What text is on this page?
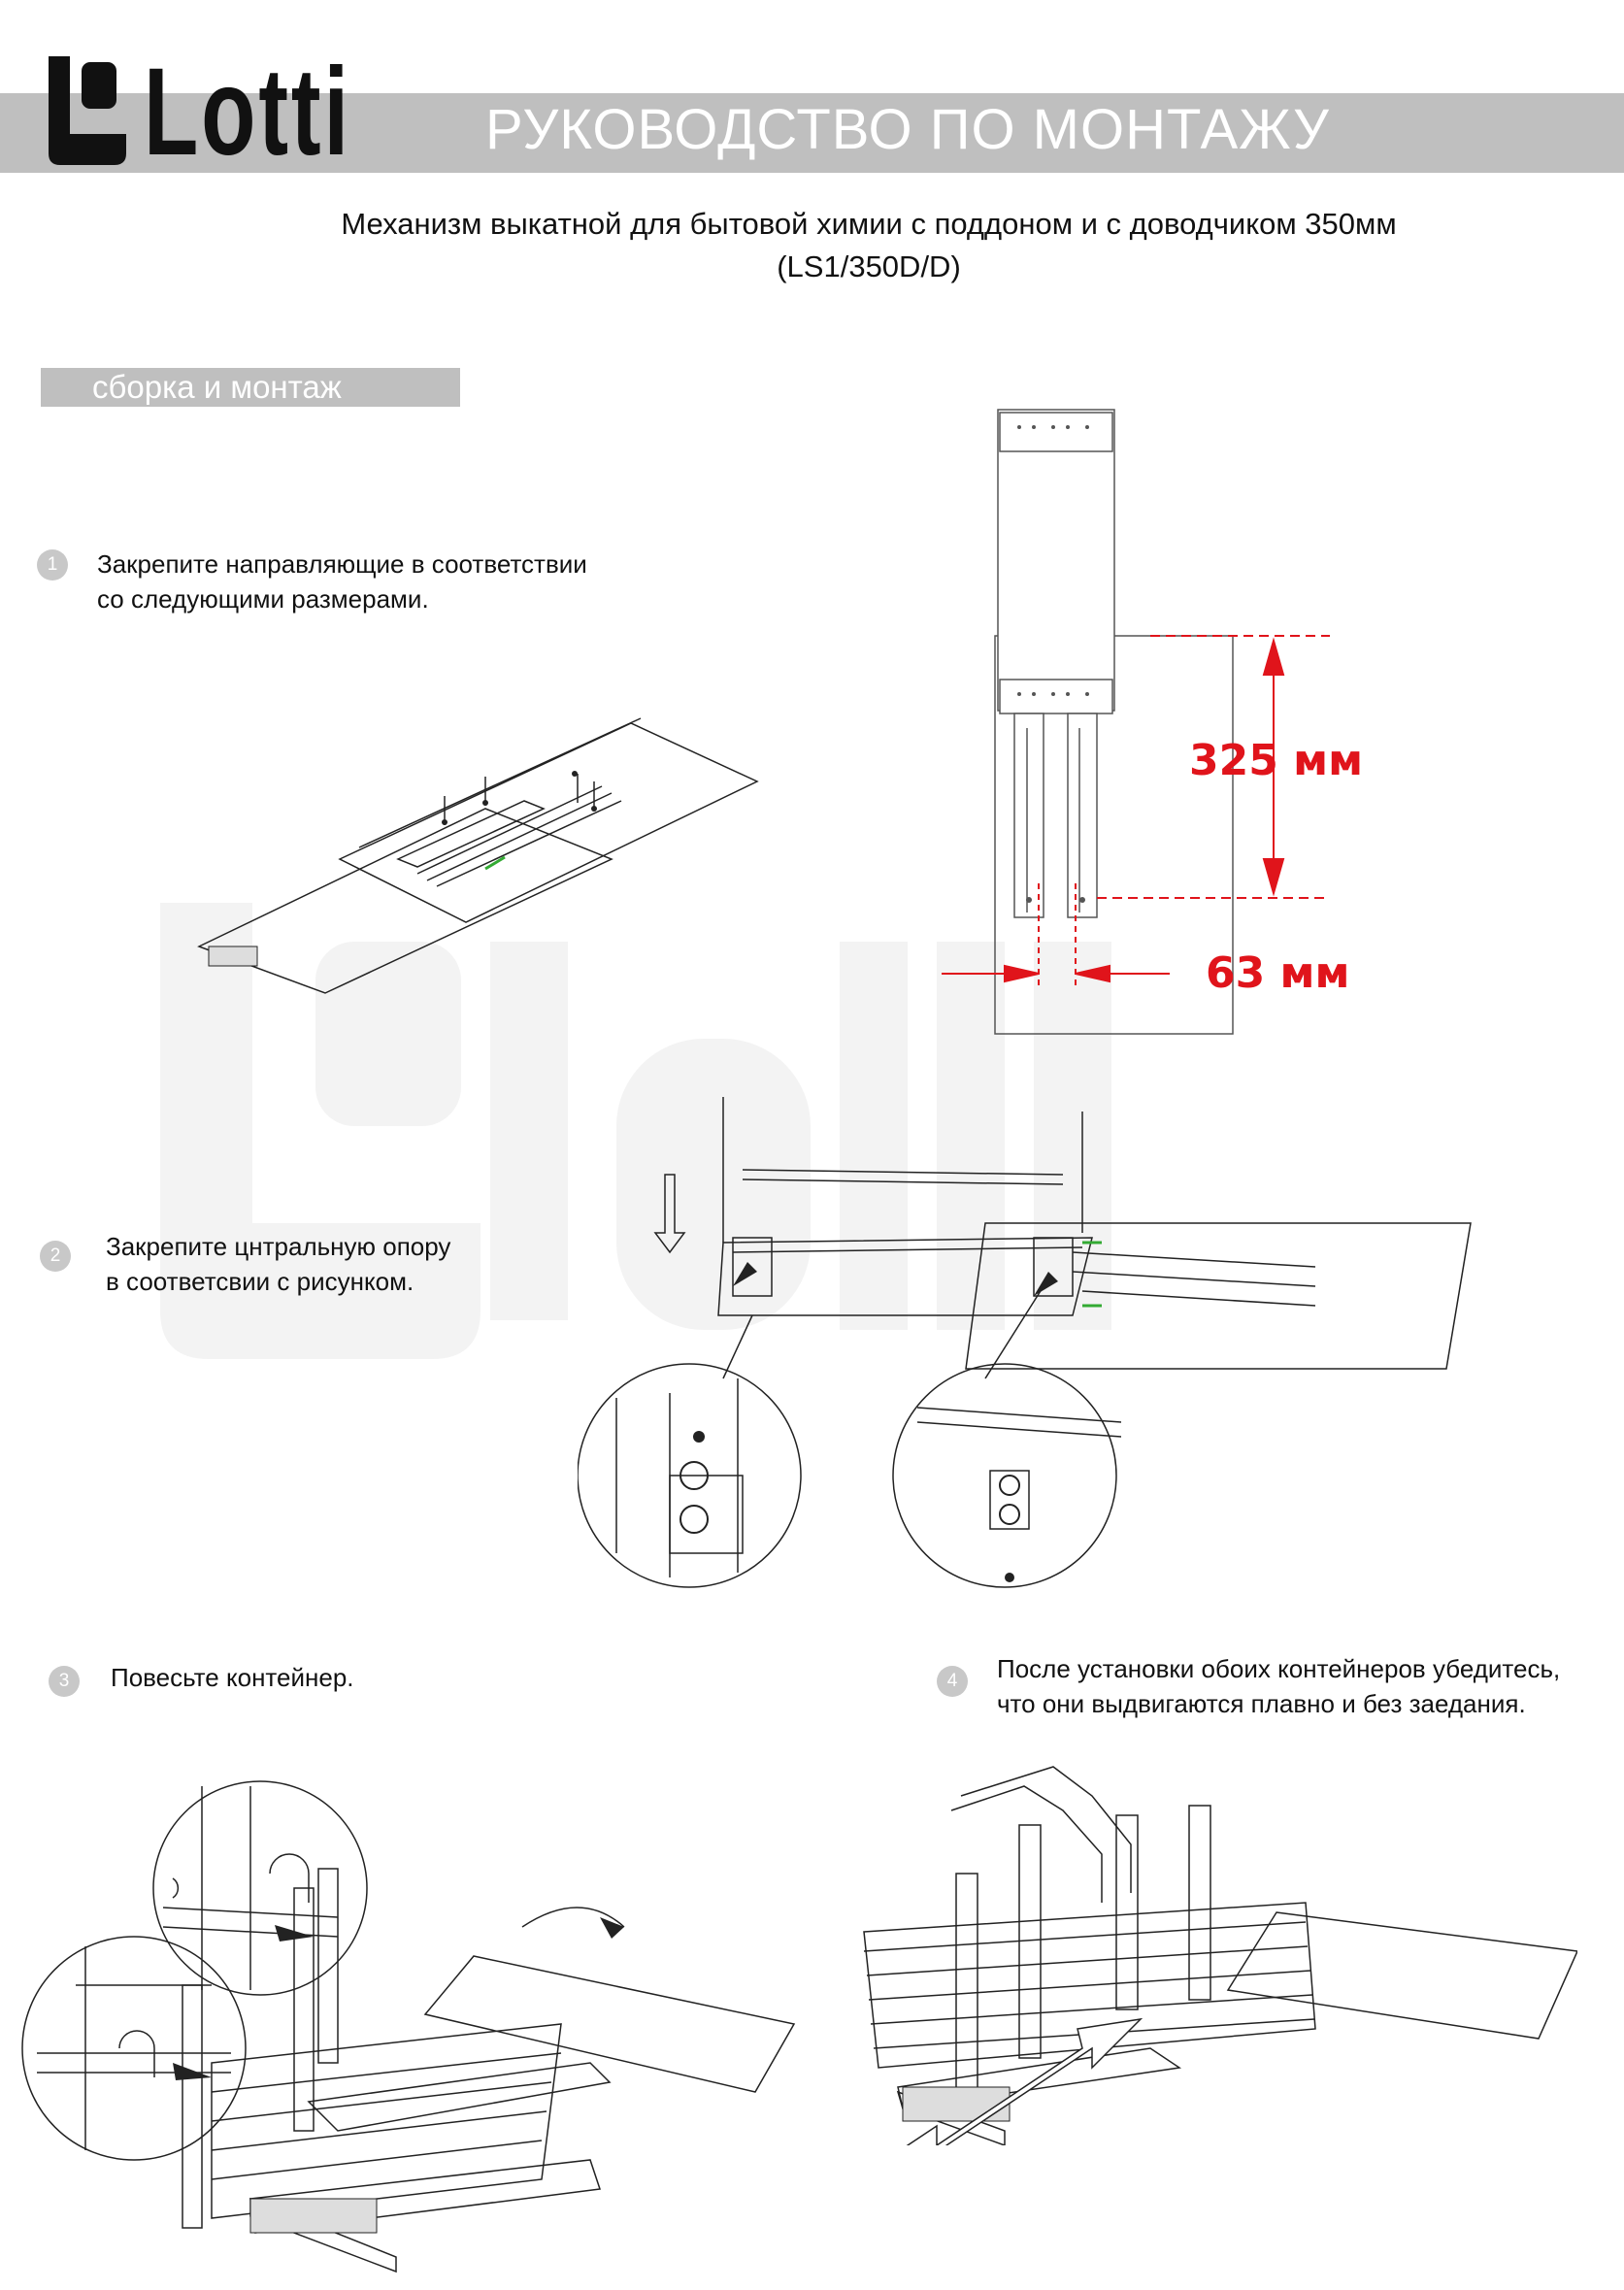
Lotti РУКОВОДСТВО ПО МОНТАЖУ
Механизм выкатной для бытовой химии с поддоном и с доводчиком 350мм
(LS1/350D/D)
сборка и монтаж
1	Закрепите направляющие в соответствии
со следующими размерами.
325 мм
63 мм
2	Закрепите цнтральную опору
в соответсвии с рисунком.
3	Повесьте контейнер.	4	После установки обоих контейнеров убедитесь,
что они выдвигаются плавно и без заедания.
